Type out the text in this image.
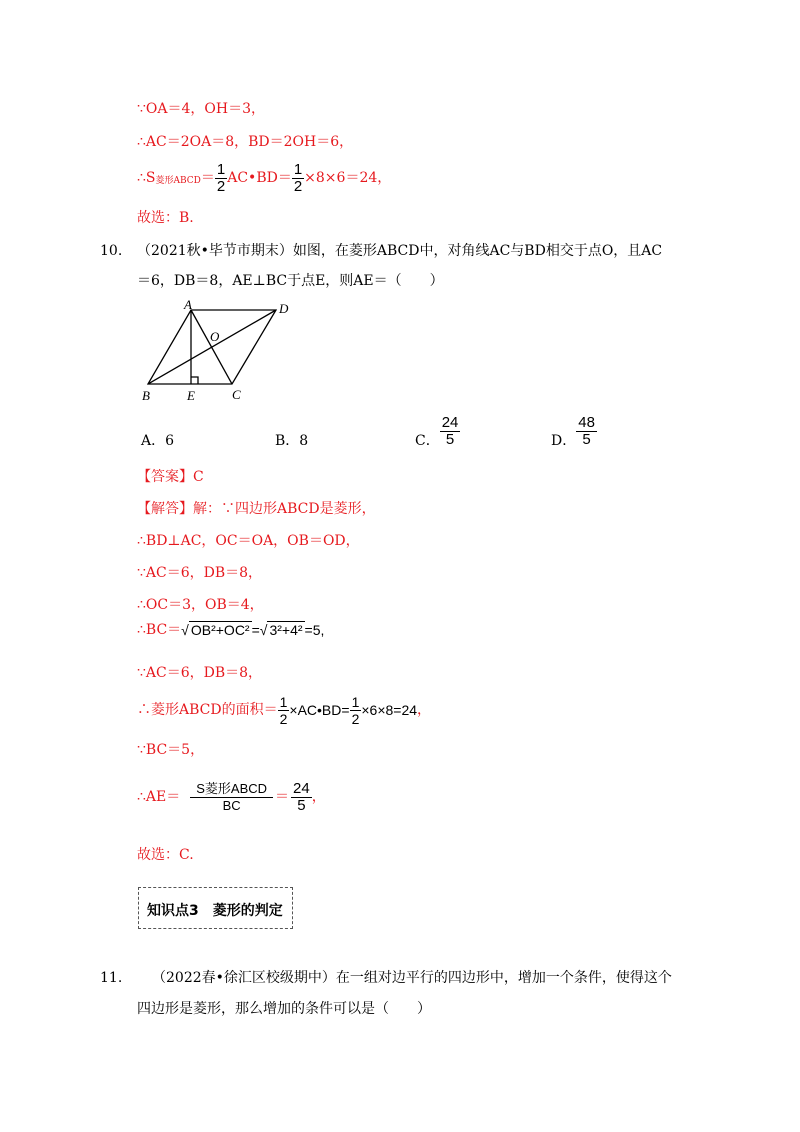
∵OA＝4，OH＝3，
∴AC＝2OA＝8，BD＝2OH＝6，
∴S 菱形ABCD ＝ $\frac{1}{2}$ AC•BD＝ $\frac{1}{2} \times 8\times 6=24$，
故选：B.
10. （2021秋•毕节市期末）如图，在菱形ABCD中，对角线AC与BD相交于点O，且AC
＝6，DB＝8，AE⊥BC于点E，则AE＝（　　）
A	D
O
B	E	C
A．6	B．8	C． $\frac{24}{5}$	D． $\frac{48}{5}$
【答案】C
【解答】解：∵四边形ABCD是菱形，
∴BD⊥AC，OC＝OA，OB＝OD，
∵AC＝6，DB＝8，
∴OC＝3，OB＝4，
∴BC＝ √ OB²+OC² = √ 3²+4² =5,
∵AC＝6，DB＝8，
∴菱形ABCD的面积＝ $\frac{1}{2}$ ×AC•BD= $\frac{1}{2} \times 6\times 8=24$ ，
∵BC＝5，
∴AE＝ $\frac{\text{S菱形ABCD}}{BC} = \frac{24}{5}$ ，
故选：C.
知识点3　菱形的判定
11. （2022春•徐汇区校级期中）在一组对边平行的四边形中，增加一个条件，使得这个
四边形是菱形，那么增加的条件可以是（　　）
